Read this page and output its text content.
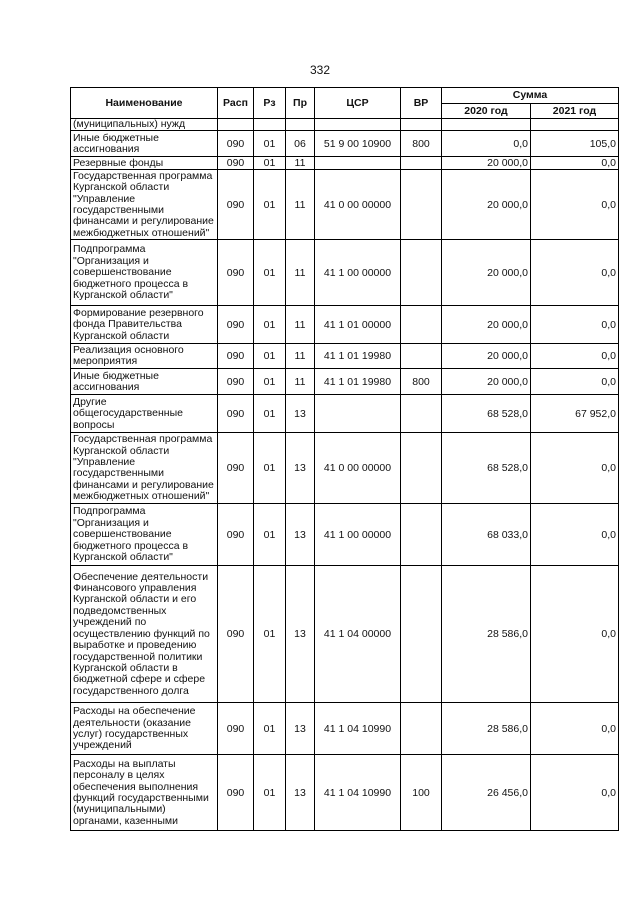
332
Наименование	Расп	Рз	Пр	ЦСР	ВР	Сумма	
						2020 год	2021 год
(муниципальных) нужд							
Иные бюджетные ассигнования	090	01	06	51 9 00 10900	800	0,0	105,0
Резервные фонды	090	01	11			20 000,0	0,0
Государственная программа Курганской области "Управление государственными финансами и регулирование межбюджетных отношений"	090	01	11	41 0 00 00000		20 000,0	0,0
Подпрограмма "Организация и совершенствование бюджетного процесса в Курганской области"	090	01	11	41 1 00 00000		20 000,0	0,0
Формирование резервного фонда Правительства Курганской области	090	01	11	41 1 01 00000		20 000,0	0,0
Реализация основного мероприятия	090	01	11	41 1 01 19980		20 000,0	0,0
Иные бюджетные ассигнования	090	01	11	41 1 01 19980	800	20 000,0	0,0
Другие общегосударственные вопросы	090	01	13			68 528,0	67 952,0
Государственная программа Курганской области "Управление государственными финансами и регулирование межбюджетных отношений"	090	01	13	41 0 00 00000		68 528,0	0,0
Подпрограмма "Организация и совершенствование бюджетного процесса в Курганской области"	090	01	13	41 1 00 00000		68 033,0	0,0
Обеспечение деятельности Финансового управления Курганской области и его подведомственных учреждений по осуществлению функций по выработке и проведению государственной политики Курганской области в бюджетной сфере и сфере государственного долга	090	01	13	41 1 04 00000		28 586,0	0,0
Расходы на обеспечение деятельности (оказание услуг) государственных учреждений	090	01	13	41 1 04 10990		28 586,0	0,0
Расходы на выплаты персоналу в целях обеспечения выполнения функций государственными (муниципальными) органами, казенными	090	01	13	41 1 04 10990	100	26 456,0	0,0
